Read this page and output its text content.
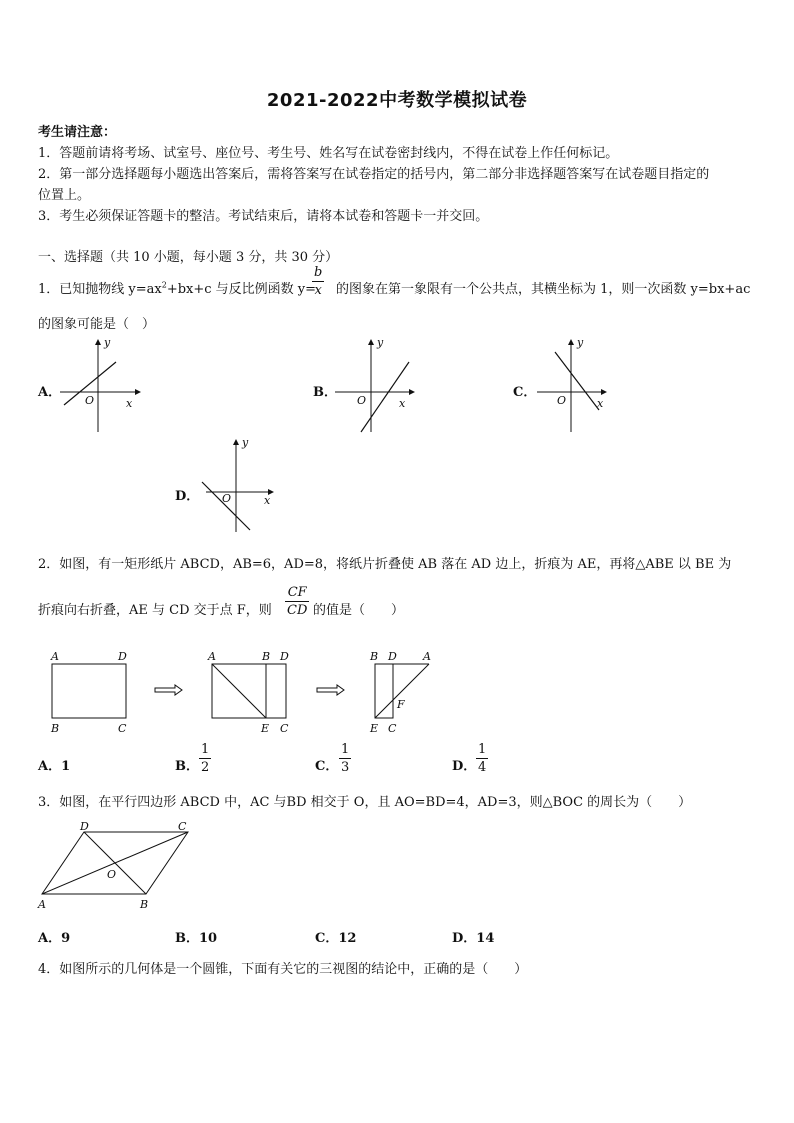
2021-2022中考数学模拟试卷
考生请注意：
1．答题前请将考场、试室号、座位号、考生号、姓名写在试卷密封线内，不得在试卷上作任何标记。
2．第一部分选择题每小题选出答案后，需将答案写在试卷指定的括号内，第二部分非选择题答案写在试卷题目指定的
位置上。
3．考生必须保证答题卡的整洁。考试结束后，请将本试卷和答题卡一并交回。
一、选择题（共 10 小题，每小题 3 分，共 30 分）
1．已知抛物线 $y=ax^2+bx+c$ 与反比例函数 y=
b
x 的图象在第一象限有一个公共点，其横坐标为 1，则一次函数 y=bx+ac
的图象可能是（　）
A．
y
x
O
B．
y
x
O
C．
y
x
O
D．
y
x
O
2．如图，有一矩形纸片 ABCD，AB=6，AD=8，将纸片折叠使 AB 落在 AD 边上，折痕为 AE，再将△ABE 以 BE 为
折痕向右折叠，AE 与 CD 交于点 F，则
CF
CD 的值是（　　）
A	D
B	C
A	B D
E C
B D A
F
E C
A．1	B．
1
2	C．
1
3	D．
1
4
3．如图，在平行四边形 ABCD 中，AC 与BD 相交于 O，且 AO=BD=4，AD=3，则△BOC 的周长为（　　）
D	C
A	B
O
A．9	B．10	C．12	D．14
4．如图所示的几何体是一个圆锥，下面有关它的三视图的结论中，正确的是（　　）
